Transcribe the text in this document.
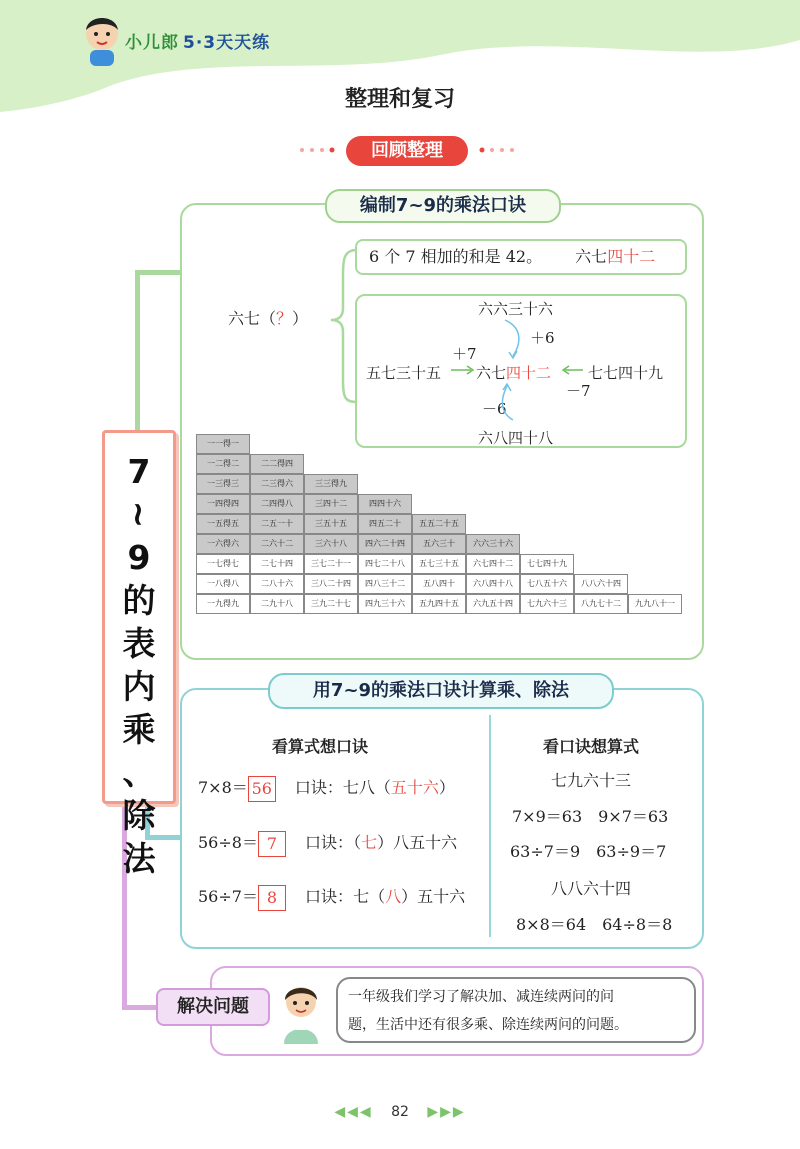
小儿郎 5·3天天练
整理和复习
回顾整理
7
~
9
的
表
内
乘
、
除
法
编制7~9的乘法口诀
六七（？）
6 个 7 相加的和是 42。 六七四十二
六六三十六
＋6
＋7
五七三十五 六七四十二 七七四十九
－7
－6
六八四十八
一一得一
一二得二	二二得四
一三得三	二三得六	三三得九
一四得四	二四得八	三四十二	四四十六
一五得五	二五一十	三五十五	四五二十	五五二十五
一六得六	二六十二	三六十八	四六二十四	五六三十	六六三十六
一七得七	二七十四	三七二十一	四七二十八	五七三十五	六七四十二	七七四十九
一八得八	二八十六	三八二十四	四八三十二	五八四十	六八四十八	七八五十六	八八六十四
一九得九	二九十八	三九二十七	四九三十六	五九四十五	六九五十四	七九六十三	八九七十二	九九八十一
用7~9的乘法口诀计算乘、除法
看算式想口诀	看口诀想算式
7×8＝ 56 口诀：七八（五十六）
56÷8＝ 7 口诀：（七）八五十六
56÷7＝ 8 口诀：七（八）五十六
七九六十三
7×9＝63　9×7＝63
63÷7＝9　63÷9＝7
八八六十四
8×8＝64　64÷8＝8
解决问题	一年级我们学习了解决加、减连续两问的问
题，生活中还有很多乘、除连续两问的问题。
◀◀◀ 82 ▶▶▶
